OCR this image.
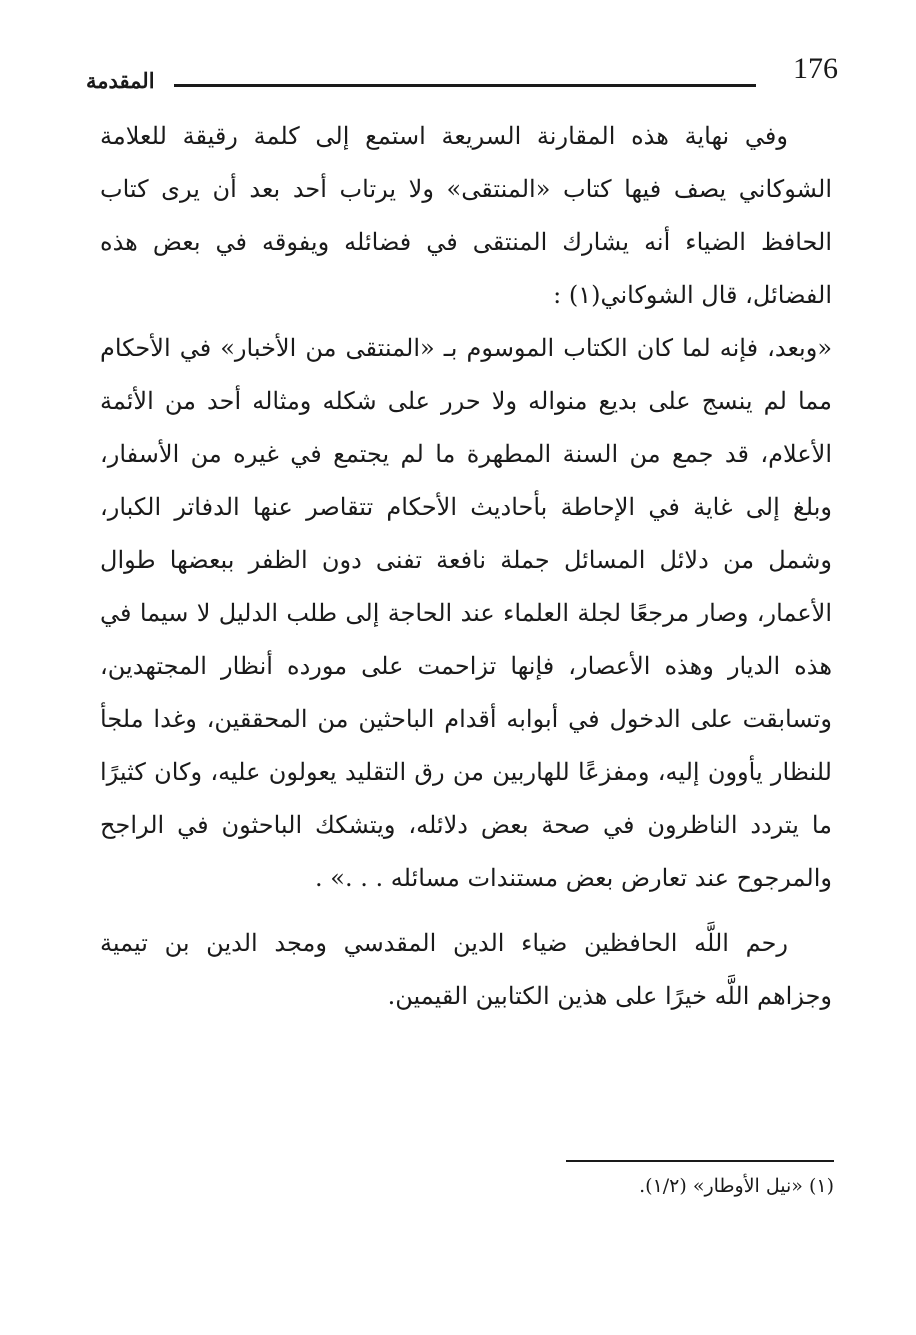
المقدمة	176

وفي نهاية هذه المقارنة السريعة استمع إلى كلمة رقيقة للعلامة الشوكاني يصف فيها كتاب «المنتقى» ولا يرتاب أحد بعد أن يرى كتاب الحافظ الضياء أنه يشارك المنتقى في فضائله ويفوقه في بعض هذه الفضائل، قال الشوكاني(١) :

«وبعد، فإنه لما كان الكتاب الموسوم بـ «المنتقى من الأخبار» في الأحكام مما لم ينسج على بديع منواله ولا حرر على شكله ومثاله أحد من الأئمة الأعلام، قد جمع من السنة المطهرة ما لم يجتمع في غيره من الأسفار، وبلغ إلى غاية في الإحاطة بأحاديث الأحكام تتقاصر عنها الدفاتر الكبار، وشمل من دلائل المسائل جملة نافعة تفنى دون الظفر ببعضها طوال الأعمار، وصار مرجعًا لجلة العلماء عند الحاجة إلى طلب الدليل لا سيما في هذه الديار وهذه الأعصار، فإنها تزاحمت على مورده أنظار المجتهدين، وتسابقت على الدخول في أبوابه أقدام الباحثين من المحققين، وغدا ملجأ للنظار يأوون إليه، ومفزعًا للهاربين من رق التقليد يعولون عليه، وكان كثيرًا ما يتردد الناظرون في صحة بعض دلائله، ويتشكك الباحثون في الراجح والمرجوح عند تعارض بعض مستندات مسائله . . .» .

رحم اللَّه الحافظين ضياء الدين المقدسي ومجد الدين بن تيمية وجزاهم اللَّه خيرًا على هذين الكتابين القيمين.

(١) «نيل الأوطار» (١/٢).
